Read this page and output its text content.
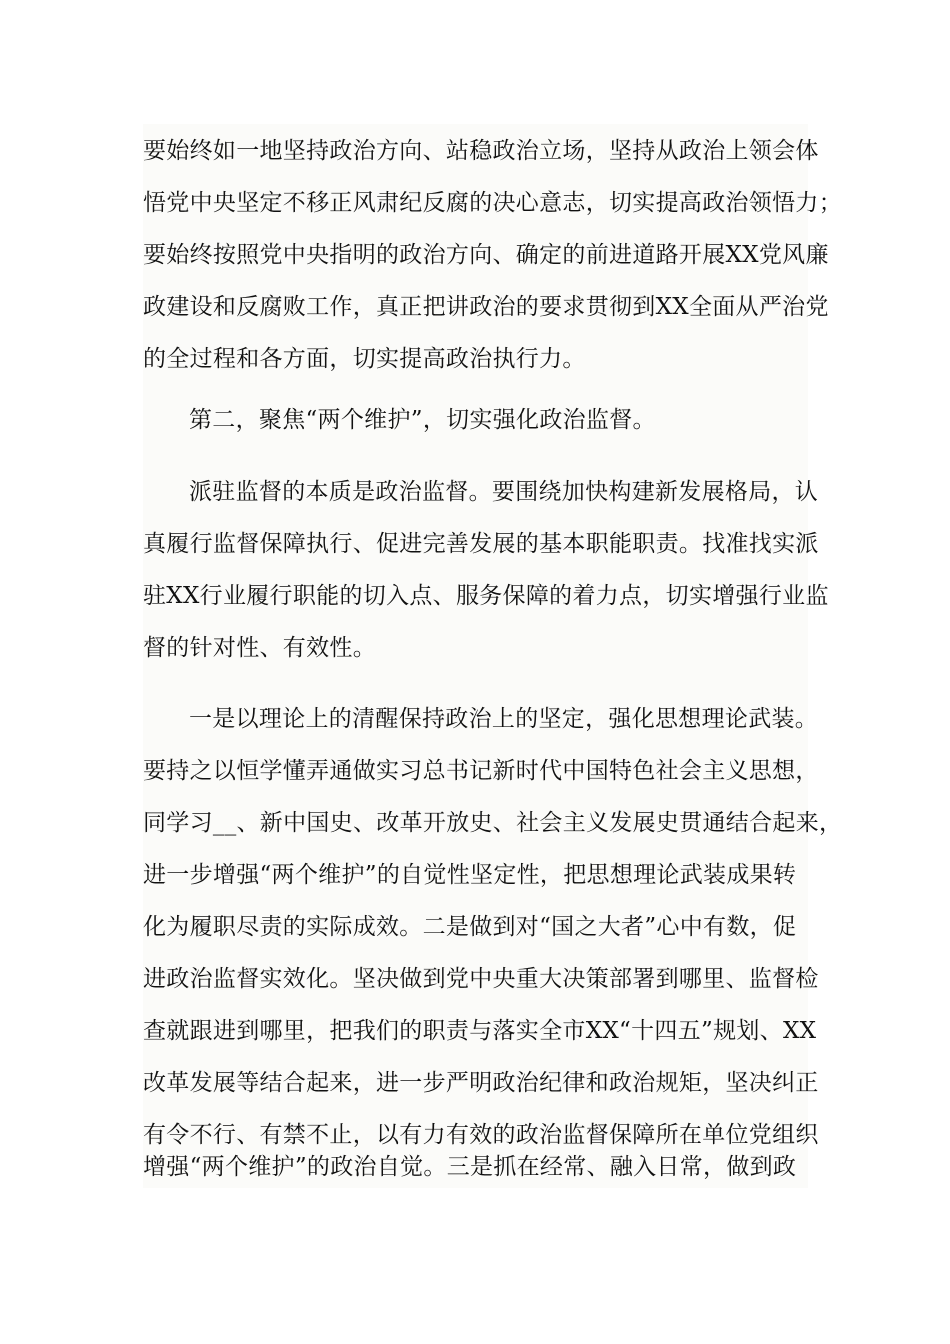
要始终如一地坚持政治方向、站稳政治立场，坚持从政治上领会体
悟党中央坚定不移正风肃纪反腐的决心意志，切实提高政治领悟力；
要始终按照党中央指明的政治方向、确定的前进道路开展XX党风廉
政建设和反腐败工作，真正把讲政治的要求贯彻到XX全面从严治党
的全过程和各方面，切实提高政治执行力。
第二，聚焦“两个维护”，切实强化政治监督。
派驻监督的本质是政治监督。要围绕加快构建新发展格局，认
真履行监督保障执行、促进完善发展的基本职能职责。找准找实派
驻XX行业履行职能的切入点、服务保障的着力点，切实增强行业监
督的针对性、有效性。
一是以理论上的清醒保持政治上的坚定，强化思想理论武装。
要持之以恒学懂弄通做实习总书记新时代中国特色社会主义思想，
同学习__、新中国史、改革开放史、社会主义发展史贯通结合起来，
进一步增强“两个维护”的自觉性坚定性，把思想理论武装成果转
化为履职尽责的实际成效。二是做到对“国之大者”心中有数，促
进政治监督实效化。坚决做到党中央重大决策部署到哪里、监督检
查就跟进到哪里，把我们的职责与落实全市XX“十四五”规划、XX
改革发展等结合起来，进一步严明政治纪律和政治规矩，坚决纠正
有令不行、有禁不止，以有力有效的政治监督保障所在单位党组织
增强“两个维护”的政治自觉。三是抓在经常、融入日常，做到政
